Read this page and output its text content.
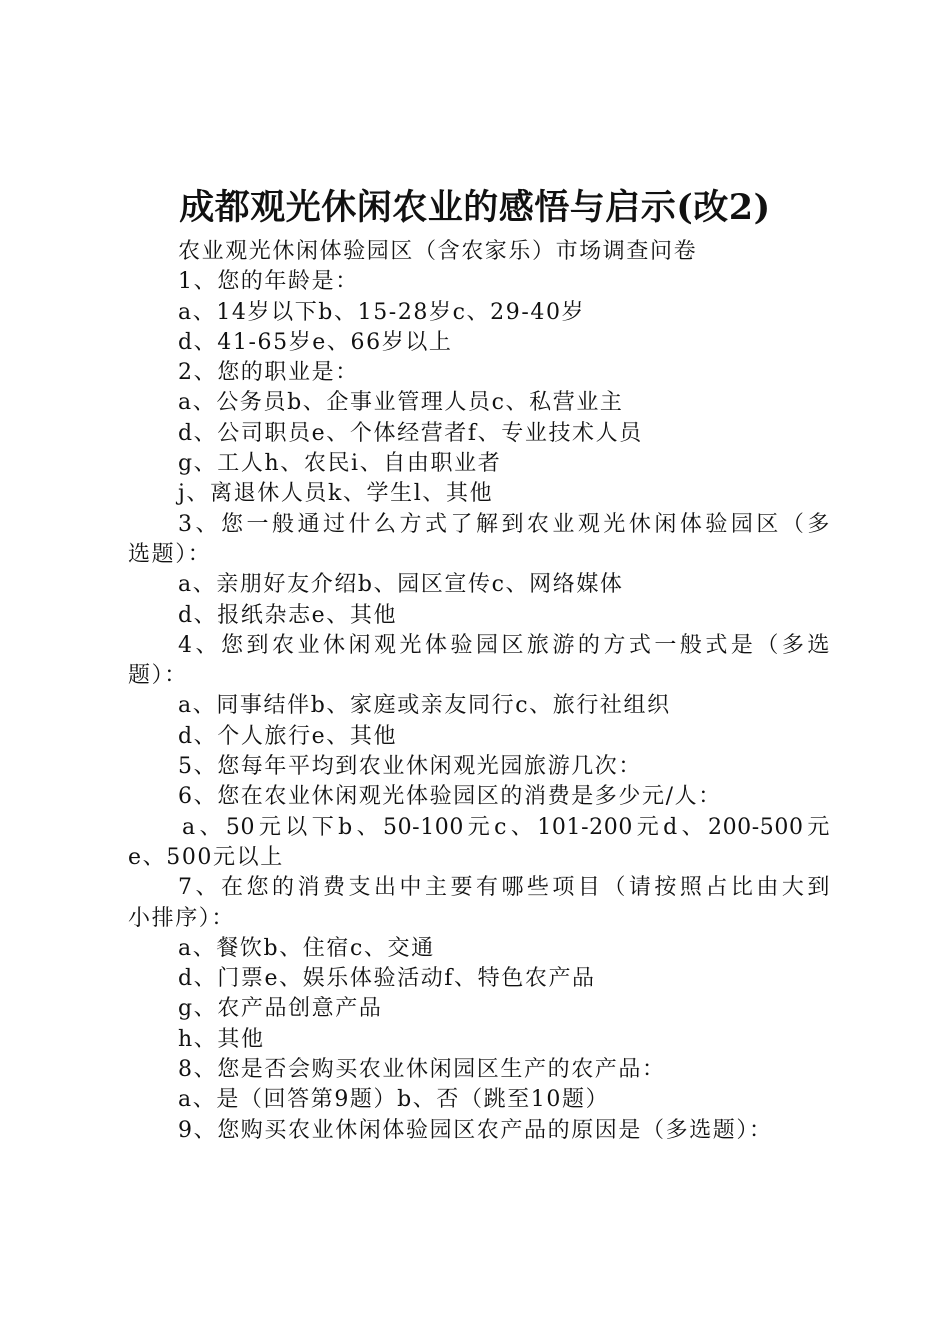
成都观光休闲农业的感悟与启示(改2)
农业观光休闲体验园区（含农家乐）市场调查问卷
1、您的年龄是：
a、14岁以下b、15-28岁c、29-40岁
d、41-65岁e、66岁以上
2、您的职业是：
a、公务员b、企事业管理人员c、私营业主
d、公司职员e、个体经营者f、专业技术人员
g、工人h、农民i、自由职业者
j、离退休人员k、学生l、其他
3、您一般通过什么方式了解到农业观光休闲体验园区（多
选题）：
a、亲朋好友介绍b、园区宣传c、网络媒体
d、报纸杂志e、其他
4、您到农业休闲观光体验园区旅游的方式一般式是（多选
题）：
a、同事结伴b、家庭或亲友同行c、旅行社组织
d、个人旅行e、其他
5、您每年平均到农业休闲观光园旅游几次：
6、您在农业休闲观光体验园区的消费是多少元/人：
a、50元以下b、50-100元c、101-200元d、200-500元
e、500元以上
7、在您的消费支出中主要有哪些项目（请按照占比由大到
小排序）：
a、餐饮b、住宿c、交通
d、门票e、娱乐体验活动f、特色农产品
g、农产品创意产品
h、其他
8、您是否会购买农业休闲园区生产的农产品：
a、是（回答第9题）b、否（跳至10题）
9、您购买农业休闲体验园区农产品的原因是（多选题）：
